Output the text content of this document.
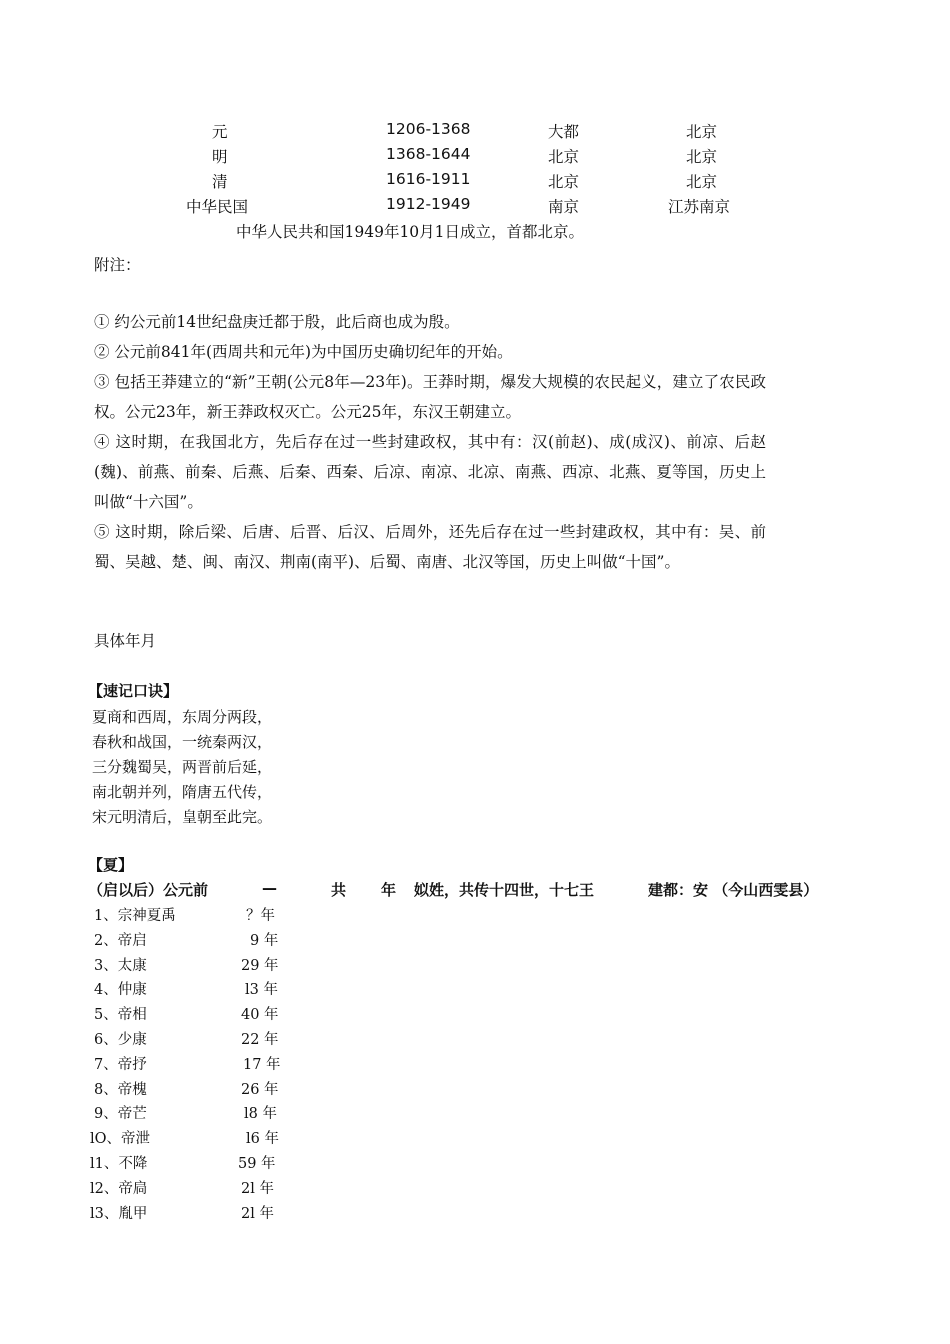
元	1206-1368	大都	北京
明	1368-1644	北京	北京
清	1616-1911	北京	北京
中华民国	1912-1949	南京	江苏南京
中华人民共和国1949年10月1日成立，首都北京。
附注：
① 约公元前14世纪盘庚迁都于殷，此后商也成为殷。
② 公元前841年(西周共和元年)为中国历史确切纪年的开始。
③ 包括王莽建立的“新”王朝(公元8年—23年)。王莽时期，爆发大规模的农民起义，建立了农民政权。公元23年，新王莽政权灭亡。公元25年，东汉王朝建立。
④ 这时期，在我国北方，先后存在过一些封建政权，其中有：汉(前赵)、成(成汉)、前凉、后赵(魏)、前燕、前秦、后燕、后秦、西秦、后凉、南凉、北凉、南燕、西凉、北燕、夏等国，历史上叫做“十六国”。
⑤ 这时期，除后梁、后唐、后晋、后汉、后周外，还先后存在过一些封建政权，其中有：吴、前蜀、吴越、楚、闽、南汉、荆南(南平)、后蜀、南唐、北汉等国，历史上叫做“十国”。
具体年月
【速记口诀】
夏商和西周，东周分两段，
春秋和战国，一统秦两汉，
三分魏蜀吴，两晋前后延，
南北朝并列，隋唐五代传，
宋元明清后，皇朝至此完。
【夏】
（启以后）公元前	—	共 年 姒姓，共传十四世，十七王	建都：安 （今山西雯县）
1、宗神夏禹	？年
2、帝启	9 年
3、太康	29 年
4、仲康	l3 年
5、帝相	40 年
6、少康	22 年
7、帝抒	17 年
8、帝槐	26 年
9、帝芒	l8 年
lO、帝泄	l6 年
l1、不降	59 年
l2、帝扃	2l 年
l3、胤甲	2l 年
